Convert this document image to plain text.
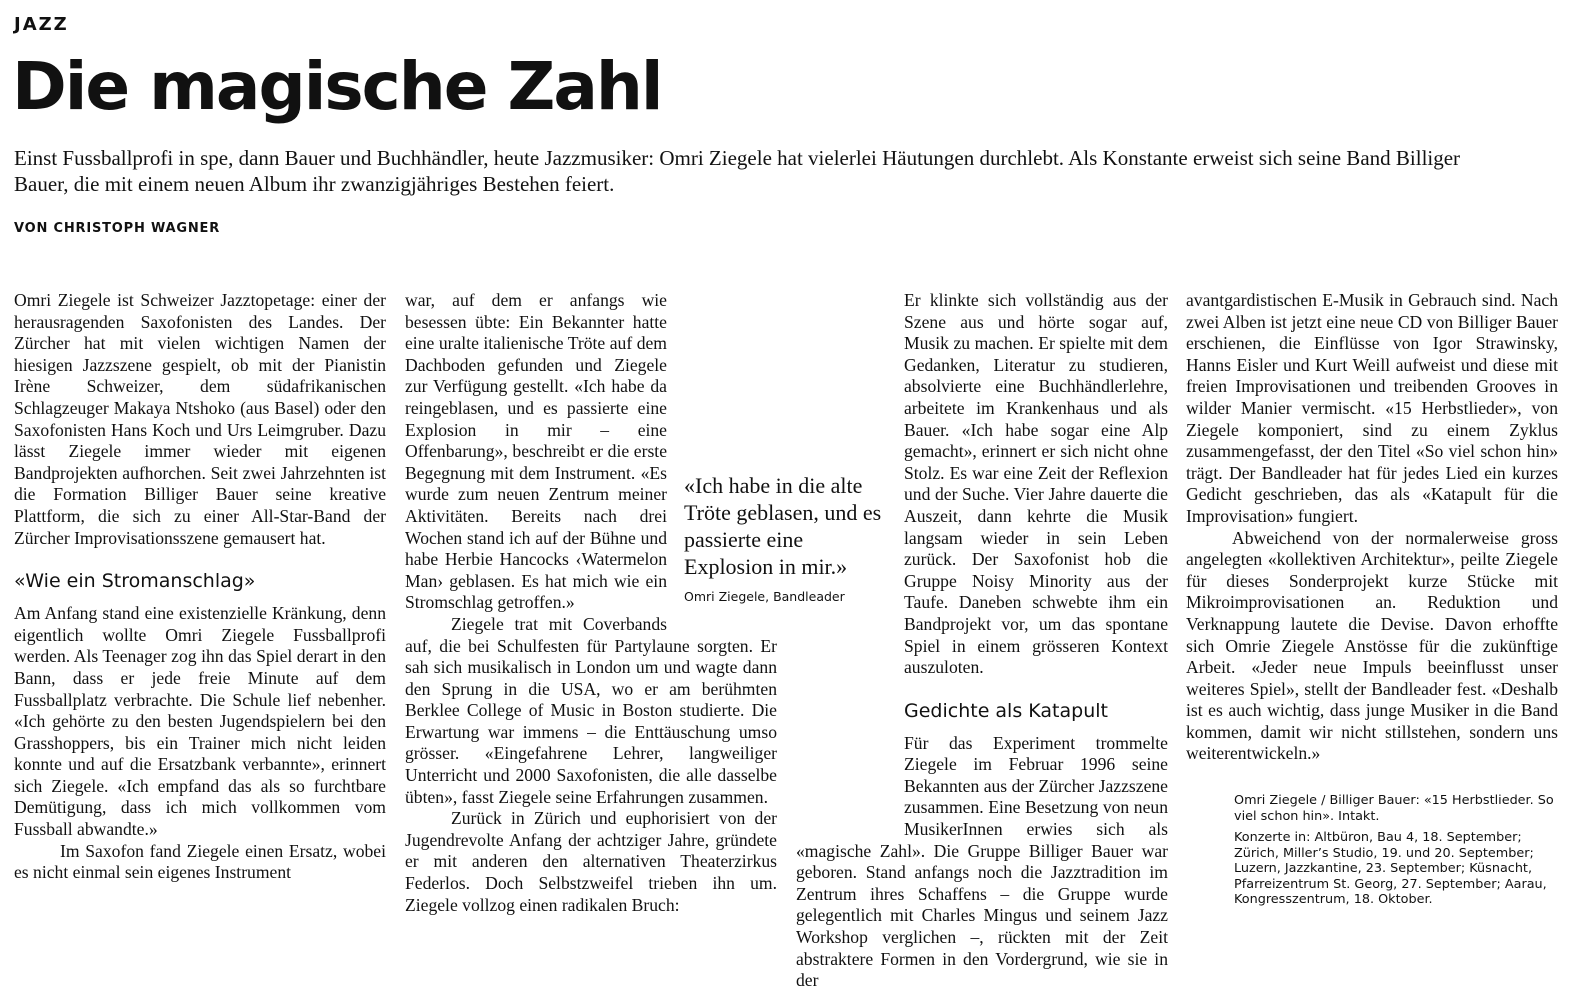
JAZZ
Die magische Zahl

Einst Fussballprofi in spe, dann Bauer und Buchhändler, heute Jazzmusiker: Omri Ziegele hat vielerlei Häutungen durchlebt. Als Konstante erweist sich seine Band Billiger Bauer, die mit einem neuen Album ihr zwanzigjähriges Bestehen feiert.

VON CHRISTOPH WAGNER

Omri Ziegele ist Schweizer Jazztopetage: einer der herausragenden Saxofonisten des Landes. Der Zürcher hat mit vielen wichtigen Namen der hiesigen Jazzszene gespielt, ob mit der Pianistin Irène Schweizer, dem südafrikanischen Schlagzeuger Makaya Ntshoko (aus Basel) oder den Saxofonisten Hans Koch und Urs Leimgruber. Dazu lässt Ziegele immer wieder mit eigenen Bandprojekten aufhorchen. Seit zwei Jahrzehnten ist die Formation Billiger Bauer seine kreative Plattform, die sich zu einer All-Star-Band der Zürcher Improvisationsszene gemausert hat.

«Wie ein Stromanschlag»

Am Anfang stand eine existenzielle Kränkung, denn eigentlich wollte Omri Ziegele Fussballprofi werden. Als Teenager zog ihn das Spiel derart in den Bann, dass er jede freie Minute auf dem Fussballplatz verbrachte. Die Schule lief nebenher. «Ich gehörte zu den besten Jugendspielern bei den Grasshoppers, bis ein Trainer mich nicht leiden konnte und auf die Ersatzbank verbannte», erinnert sich Ziegele. «Ich empfand das als so furchtbare Demütigung, dass ich mich vollkommen vom Fussball abwandte.»

Im Saxofon fand Ziegele einen Ersatz, wobei es nicht einmal sein eigenes Instrument

war, auf dem er anfangs wie besessen übte: Ein Bekannter hatte eine uralte italienische Tröte auf dem Dachboden gefunden und Ziegele zur Verfügung gestellt. «Ich habe da reingeblasen, und es passierte eine Explosion in mir – eine Offenbarung», beschreibt er die erste Begegnung mit dem Instrument. «Es wurde zum neuen Zentrum meiner Aktivitäten. Bereits nach drei Wochen stand ich auf der Bühne und habe Herbie Hancocks ‹Watermelon Man› geblasen. Es hat mich wie ein Stromschlag getroffen.»

Ziegele trat mit Coverbands auf, die bei Schulfesten für Partylaune sorgten. Er sah sich musikalisch in London um und wagte dann den Sprung in die USA, wo er am berühmten Berklee College of Music in Boston studierte. Die Erwartung war immens – die Enttäuschung umso grösser. «Eingefahrene Lehrer, langweiliger Unterricht und 2000 Saxofonisten, die alle dasselbe übten», fasst Ziegele seine Erfahrungen zusammen.

Zurück in Zürich und euphorisiert von der Jugendrevolte Anfang der achtziger Jahre, gründete er mit anderen den alternativen Theaterzirkus Federlos. Doch Selbstzweifel trieben ihn um. Ziegele vollzog einen radikalen Bruch:

Er klinkte sich vollständig aus der Szene aus und hörte sogar auf, Musik zu machen. Er spielte mit dem Gedanken, Literatur zu studieren, absolvierte eine Buchhändlerlehre, arbeitete im Krankenhaus und als Bauer. «Ich habe sogar eine Alp gemacht», erinnert er sich nicht ohne Stolz. Es war eine Zeit der Reflexion und der Suche. Vier Jahre dauerte die Auszeit, dann kehrte die Musik langsam wieder in sein Leben zurück. Der Saxofonist hob die Gruppe Noisy Minority aus der Taufe. Daneben schwebte ihm ein Bandprojekt vor, um das spontane Spiel in einem grösseren Kontext auszuloten.

Gedichte als Katapult

Für das Experiment trommelte Ziegele im Februar 1996 seine Bekannten aus der Zürcher Jazzszene zusammen. Eine Besetzung von neun MusikerInnen erwies sich als «magische Zahl». Die Gruppe Billiger Bauer war geboren. Stand anfangs noch die Jazztradition im Zentrum ihres Schaffens – die Gruppe wurde gelegentlich mit Charles Mingus und seinem Jazz Workshop verglichen –, rückten mit der Zeit abstraktere Formen in den Vordergrund, wie sie in der

avantgardistischen E-Musik in Gebrauch sind. Nach zwei Alben ist jetzt eine neue CD von Billiger Bauer erschienen, die Einflüsse von Igor Strawinsky, Hanns Eisler und Kurt Weill aufweist und diese mit freien Improvisationen und treibenden Grooves in wilder Manier vermischt. «15 Herbstlieder», von Ziegele komponiert, sind zu einem Zyklus zusammengefasst, der den Titel «So viel schon hin» trägt. Der Bandleader hat für jedes Lied ein kurzes Gedicht geschrieben, das als «Katapult für die Improvisation» fungiert.

Abweichend von der normalerweise gross angelegten «kollektiven Architektur», peilte Ziegele für dieses Sonderprojekt kurze Stücke mit Mikroimprovisationen an. Reduktion und Verknappung lautete die Devise. Davon erhoffte sich Omrie Ziegele Anstösse für die zukünftige Arbeit. «Jeder neue Impuls beeinflusst unser weiteres Spiel», stellt der Bandleader fest. «Deshalb ist es auch wichtig, dass junge Musiker in die Band kommen, damit wir nicht stillstehen, sondern uns weiterentwickeln.»

«Ich habe in die alte Tröte geblasen, und es passierte eine Explosion in mir.»

Omri Ziegele, Bandleader

Omri Ziegele / Billiger Bauer: «15 Herbstlieder. So viel schon hin». Intakt.

Konzerte in: Altbüron, Bau 4, 18. September; Zürich, Miller’s Studio, 19. und 20. September; Luzern, Jazzkantine, 23. September; Küsnacht, Pfarreizentrum St. Georg, 27. September; Aarau, Kongresszentrum, 18. Oktober.
